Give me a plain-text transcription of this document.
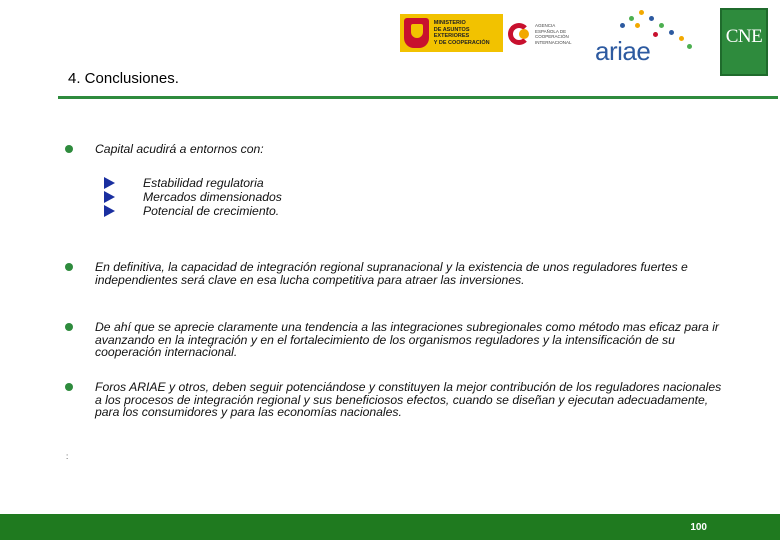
MINISTERIO
DE ASUNTOS EXTERIORES
Y DE COOPERACIÓN
AGENCIA
ESPAÑOLA DE
COOPERACIÓN
INTERNACIONAL ariae	CNE
4. Conclusiones.
Capital acudirá a entornos con:
Estabilidad regulatoria
Mercados dimensionados
Potencial de crecimiento.
En definitiva, la capacidad de integración regional supranacional y la existencia de unos reguladores fuertes e independientes será clave en esa lucha competitiva para atraer las inversiones.
De ahí que se aprecie claramente una tendencia a las integraciones subregionales como método mas eficaz para ir avanzando en la integración y en el fortalecimiento de los organismos reguladores y la intensificación de su cooperación internacional.
Foros ARIAE y otros, deben seguir potenciándose y constituyen la mejor contribución de los reguladores nacionales a los procesos de integración regional y sus beneficiosos efectos, cuando se diseñan y ejecutan adecuadamente, para los consumidores y para las economías nacionales.
:
100
